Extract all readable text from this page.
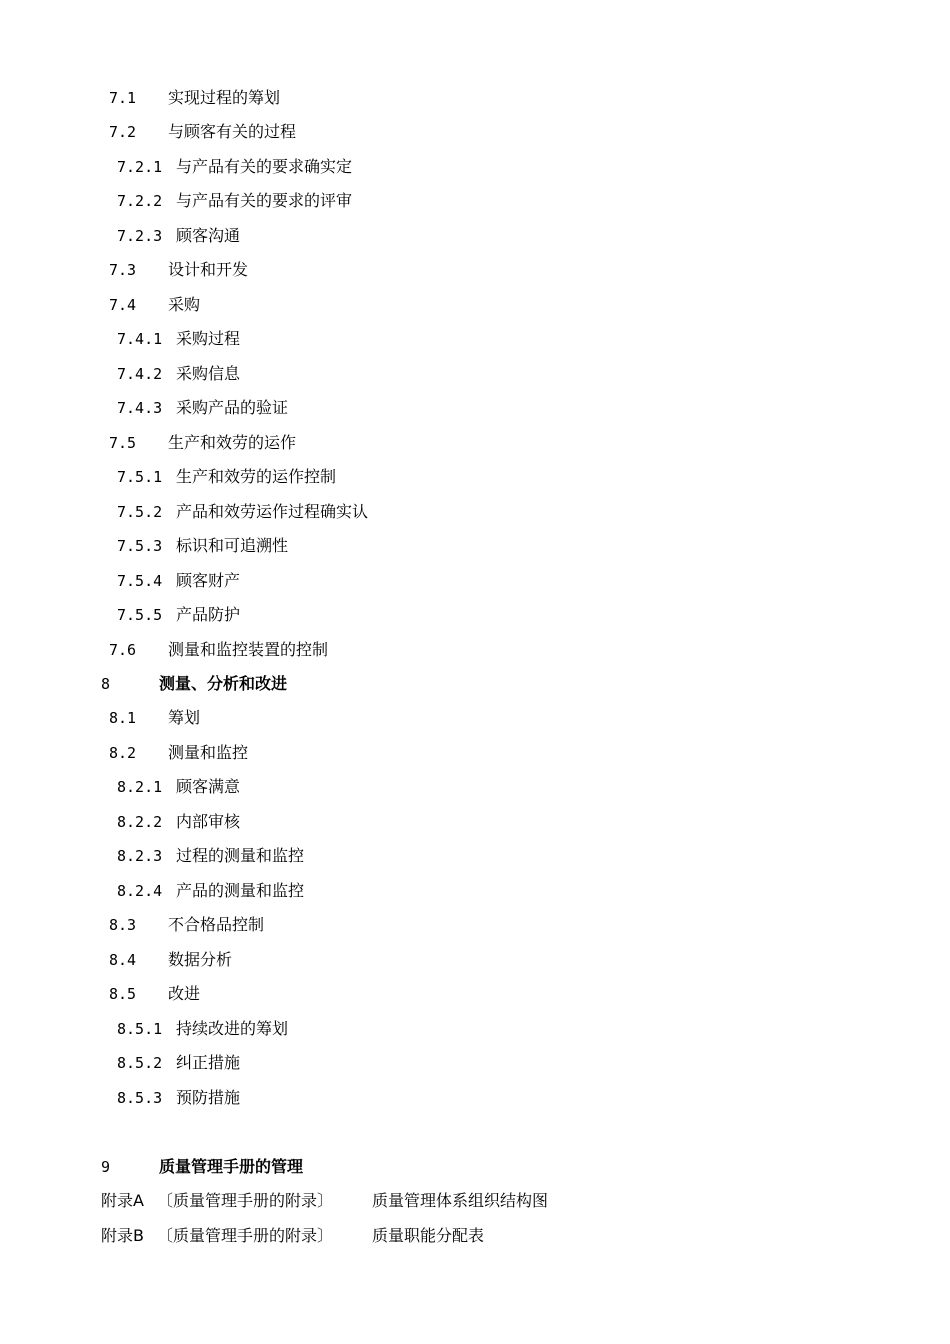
7.1 实现过程的筹划
7.2 与顾客有关的过程
7.2.1 与产品有关的要求确实定
7.2.2 与产品有关的要求的评审
7.2.3 顾客沟通
7.3 设计和开发
7.4 采购
7.4.1 采购过程
7.4.2 采购信息
7.4.3 采购产品的验证
7.5 生产和效劳的运作
7.5.1 生产和效劳的运作控制
7.5.2 产品和效劳运作过程确实认
7.5.3 标识和可追溯性
7.5.4 顾客财产
7.5.5 产品防护
7.6 测量和监控装置的控制
8	测量、分析和改进
8.1 筹划
8.2 测量和监控
8.2.1 顾客满意
8.2.2 内部审核
8.2.3 过程的测量和监控
8.2.4 产品的测量和监控
8.3 不合格品控制
8.4 数据分析
8.5 改进
8.5.1 持续改进的筹划
8.5.2 纠正措施
8.5.3 预防措施
9	质量管理手册的管理
附录A 〔质量管理手册的附录〕 质量管理体系组织结构图
附录B 〔质量管理手册的附录〕 质量职能分配表
